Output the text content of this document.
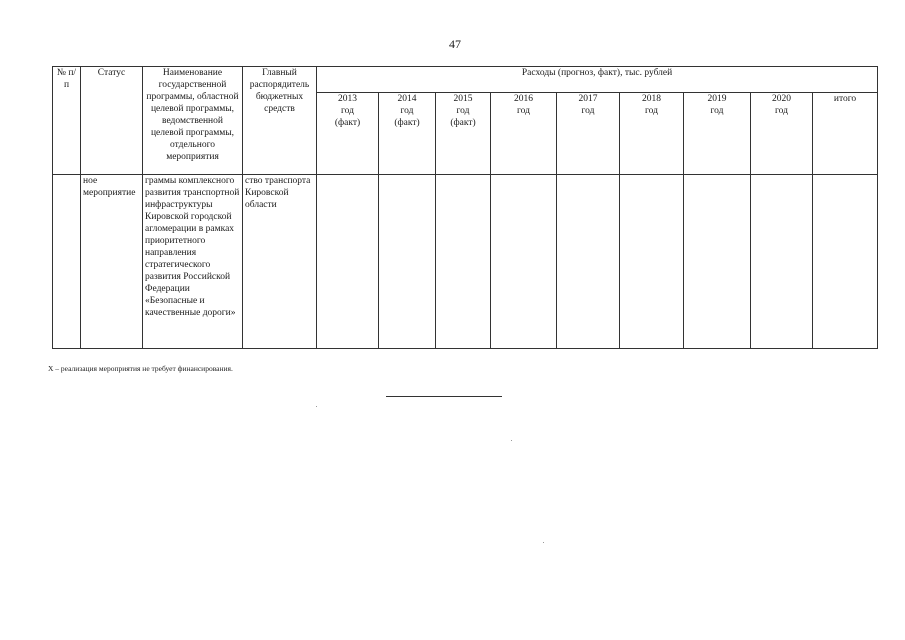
47
№ п/п	Статус	Наименование государственной программы, областной целевой программы, ведомственной целевой программы, отдельного мероприятия	Главный распорядитель бюджетных средств	Расходы (прогноз, факт), тыс. рублей								
				2013
год
(факт)	2014
год
(факт)	2015
год
(факт)	2016
год	2017
год	2018
год	2019
год	2020
год	итого
	ное мероприятие	граммы комплексного развития транспортной инфраструктуры Кировской городской агломерации в рамках приоритетного направления стратегического развития Российской Федерации «Безопасные и качественные дороги»	ство транспорта Кировской области									
Х – реализация мероприятия не требует финансирования.
